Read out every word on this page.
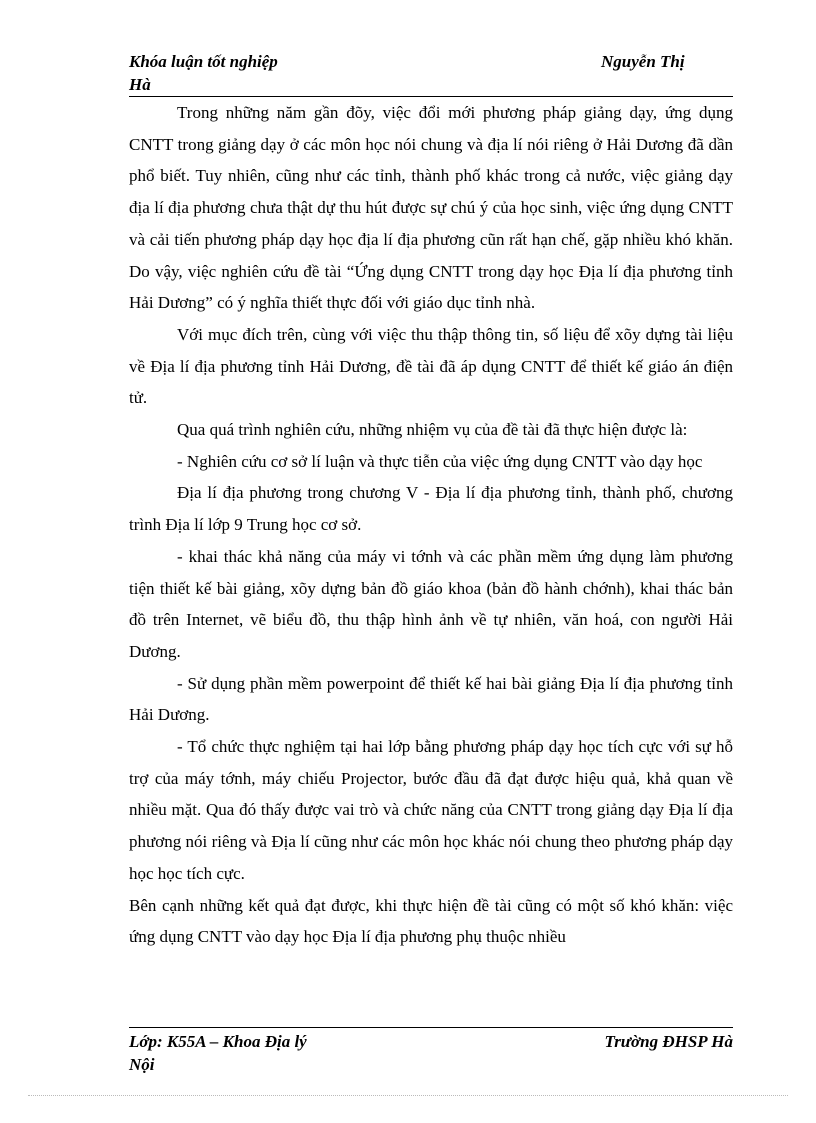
Khóa luận tốt nghiệp	Nguyễn Thị
Hà

Trong những năm gần đõy, việc đổi mới phương pháp giảng dạy, ứng dụng CNTT trong giảng dạy ở các môn học nói chung và địa lí nói riêng ở Hải Dương đã dần phổ biết. Tuy nhiên, cũng như các tỉnh, thành phố khác trong cả nước, việc giảng dạy địa lí địa phương chưa thật dự thu hút được sự chú ý của học sinh, việc ứng dụng CNTT và cải tiến phương pháp dạy học địa lí địa phương cũn rất hạn chế, gặp nhiều khó khăn. Do vậy, việc nghiên cứu đề tài “Ứng dụng CNTT trong dạy học Địa lí địa phương tỉnh Hải Dương” có ý nghĩa thiết thực đối với giáo dục tỉnh nhà.

Với mục đích trên, cùng với việc thu thập thông tin, số liệu để xõy dựng tài liệu về Địa lí địa phương tỉnh Hải Dương, đề tài đã áp dụng CNTT để thiết kế giáo án điện tử.

Qua quá trình nghiên cứu, những nhiệm vụ của đề tài đã thực hiện được là:

- Nghiên cứu cơ sở lí luận và thực tiễn của việc ứng dụng CNTT vào dạy học

Địa lí địa phương trong chương V - Địa lí địa phương tỉnh, thành phố, chương trình Địa lí lớp 9 Trung học cơ sở.

- khai thác khả năng của máy vi tớnh và các phần mềm ứng dụng làm phương tiện thiết kế bài giảng, xõy dựng bản đồ giáo khoa (bản đồ hành chớnh), khai thác bản đồ trên Internet, vẽ biểu đồ, thu thập hình ảnh về tự nhiên, văn hoá, con người Hải Dương.

- Sử dụng phần mềm powerpoint để thiết kế hai bài giảng Địa lí địa phương tỉnh Hải Dương.

- Tổ chức thực nghiệm tại hai lớp bằng phương pháp dạy học tích cực với sự hỗ trợ của máy tớnh, máy chiếu Projector, bước đầu đã đạt được hiệu quả, khả quan về nhiều mặt. Qua đó thấy được vai trò và chức năng của CNTT trong giảng dạy Địa lí địa phương nói riêng và Địa lí cũng như các môn học khác nói chung theo phương pháp dạy học học tích cực.

Bên cạnh những kết quả đạt được, khi thực hiện đề tài cũng có một số khó khăn: việc ứng dụng CNTT vào dạy học Địa lí địa phương phụ thuộc nhiều

Lớp: K55A – Khoa Địa lý	Trường ĐHSP Hà
Nội
